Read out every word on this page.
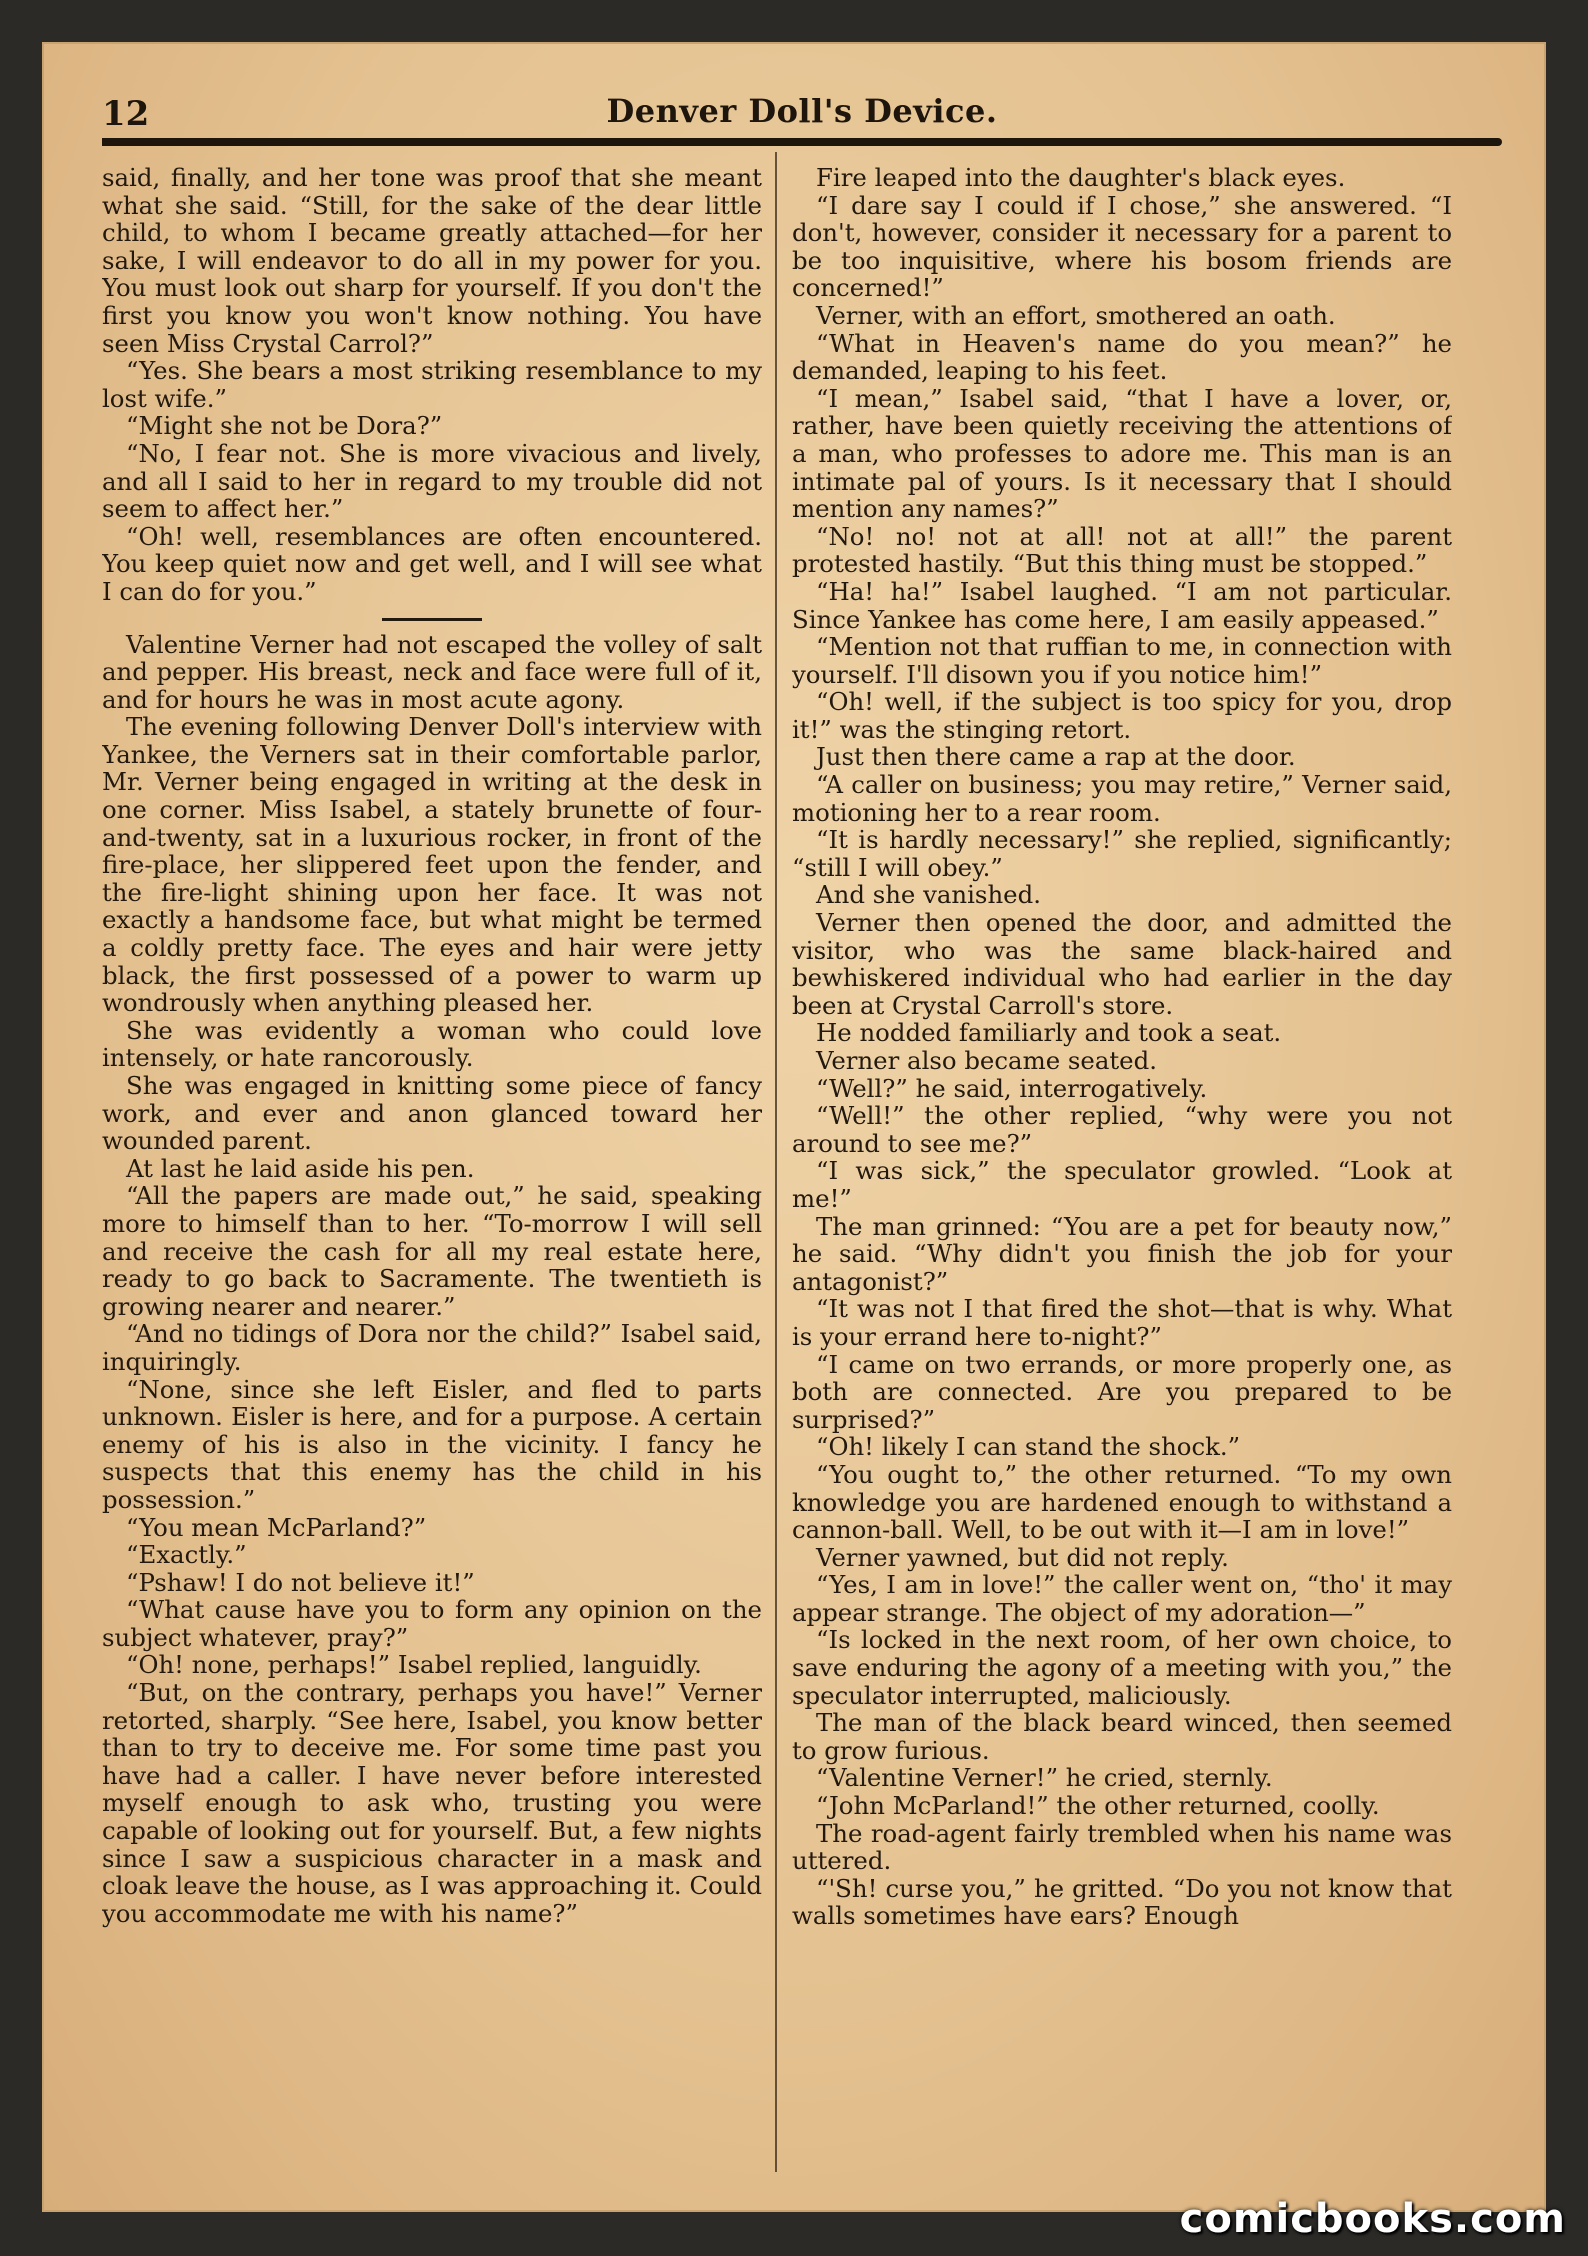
12	Denver Doll's Device.

said, finally, and her tone was proof that she meant what she said. “Still, for the sake of the dear little child, to whom I became greatly attached—for her sake, I will endeavor to do all in my power for you. You must look out sharp for yourself. If you don't the first you know you won't know nothing. You have seen Miss Crystal Carrol?”

“Yes. She bears a most striking resemblance to my lost wife.”

“Might she not be Dora?”

“No, I fear not. She is more vivacious and lively, and all I said to her in regard to my trouble did not seem to affect her.”

“Oh! well, resemblances are often encountered. You keep quiet now and get well, and I will see what I can do for you.”

Valentine Verner had not escaped the volley of salt and pepper. His breast, neck and face were full of it, and for hours he was in most acute agony.

The evening following Denver Doll's interview with Yankee, the Verners sat in their comfortable parlor, Mr. Verner being engaged in writing at the desk in one corner. Miss Isabel, a stately brunette of four-and-twenty, sat in a luxurious rocker, in front of the fire-place, her slippered feet upon the fender, and the fire-light shining upon her face. It was not exactly a handsome face, but what might be termed a coldly pretty face. The eyes and hair were jetty black, the first possessed of a power to warm up wondrously when anything pleased her.

She was evidently a woman who could love intensely, or hate rancorously.

She was engaged in knitting some piece of fancy work, and ever and anon glanced toward her wounded parent.

At last he laid aside his pen.

“All the papers are made out,” he said, speaking more to himself than to her. “To-morrow I will sell and receive the cash for all my real estate here, ready to go back to Sacramente. The twentieth is growing nearer and nearer.”

“And no tidings of Dora nor the child?” Isabel said, inquiringly.

“None, since she left Eisler, and fled to parts unknown. Eisler is here, and for a purpose. A certain enemy of his is also in the vicinity. I fancy he suspects that this enemy has the child in his possession.”

“You mean McParland?”

“Exactly.”

“Pshaw! I do not believe it!”

“What cause have you to form any opinion on the subject whatever, pray?”

“Oh! none, perhaps!” Isabel replied, languidly.

“But, on the contrary, perhaps you have!” Verner retorted, sharply. “See here, Isabel, you know better than to try to deceive me. For some time past you have had a caller. I have never before interested myself enough to ask who, trusting you were capable of looking out for yourself. But, a few nights since I saw a suspicious character in a mask and cloak leave the house, as I was approaching it. Could you accommodate me with his name?”

Fire leaped into the daughter's black eyes.

“I dare say I could if I chose,” she answered. “I don't, however, consider it necessary for a parent to be too inquisitive, where his bosom friends are concerned!”

Verner, with an effort, smothered an oath.

“What in Heaven's name do you mean?” he demanded, leaping to his feet.

“I mean,” Isabel said, “that I have a lover, or, rather, have been quietly receiving the attentions of a man, who professes to adore me. This man is an intimate pal of yours. Is it necessary that I should mention any names?”

“No! no! not at all! not at all!” the parent protested hastily. “But this thing must be stopped.”

“Ha! ha!” Isabel laughed. “I am not particular. Since Yankee has come here, I am easily appeased.”

“Mention not that ruffian to me, in connection with yourself. I'll disown you if you notice him!”

“Oh! well, if the subject is too spicy for you, drop it!” was the stinging retort.

Just then there came a rap at the door.

“A caller on business; you may retire,” Verner said, motioning her to a rear room.

“It is hardly necessary!” she replied, significantly; “still I will obey.”

And she vanished.

Verner then opened the door, and admitted the visitor, who was the same black-haired and bewhiskered individual who had earlier in the day been at Crystal Carroll's store.

He nodded familiarly and took a seat.

Verner also became seated.

“Well?” he said, interrogatively.

“Well!” the other replied, “why were you not around to see me?”

“I was sick,” the speculator growled. “Look at me!”

The man grinned: “You are a pet for beauty now,” he said. “Why didn't you finish the job for your antagonist?”

“It was not I that fired the shot—that is why. What is your errand here to-night?”

“I came on two errands, or more properly one, as both are connected. Are you prepared to be surprised?”

“Oh! likely I can stand the shock.”

“You ought to,” the other returned. “To my own knowledge you are hardened enough to withstand a cannon-ball. Well, to be out with it—I am in love!”

Verner yawned, but did not reply.

“Yes, I am in love!” the caller went on, “tho' it may appear strange. The object of my adoration—”

“Is locked in the next room, of her own choice, to save enduring the agony of a meeting with you,” the speculator interrupted, maliciously.

The man of the black beard winced, then seemed to grow furious.

“Valentine Verner!” he cried, sternly.

“John McParland!” the other returned, coolly.

The road-agent fairly trembled when his name was uttered.

“'Sh! curse you,” he gritted. “Do you not know that walls sometimes have ears? Enough

comicbooks.com
